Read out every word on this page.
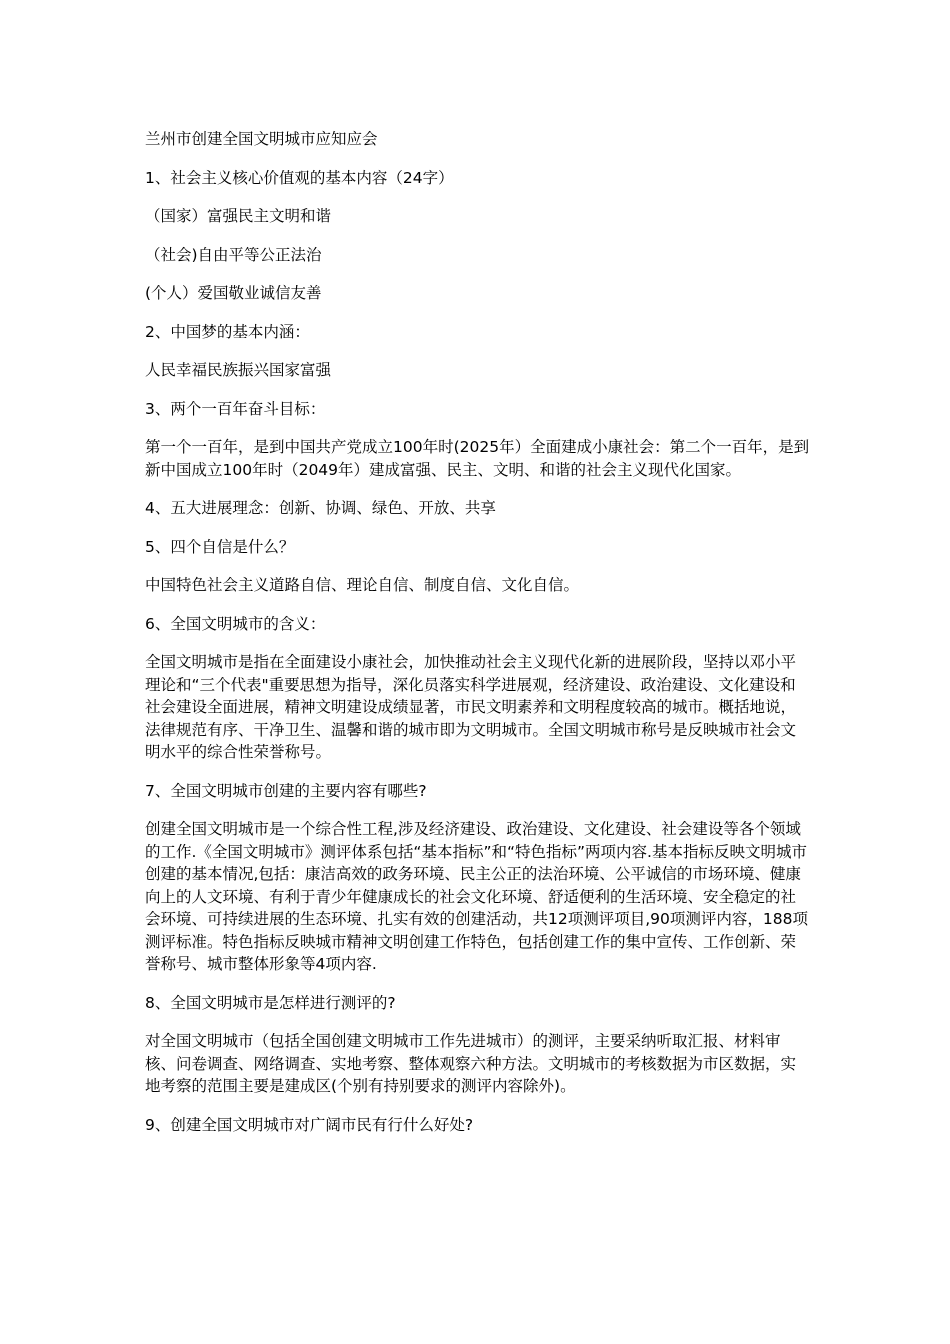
兰州市创建全国文明城市应知应会

1、社会主义核心价值观的基本内容（24字）

（国家）富强民主文明和谐

（社会)自由平等公正法治

(个人）爱国敬业诚信友善

2、中国梦的基本内涵：

人民幸福民族振兴国家富强

3、两个一百年奋斗目标：

第一个一百年，是到中国共产党成立100年时(2025年）全面建成小康社会：第二个一百年，是到新中国成立100年时（2049年）建成富强、民主、文明、和谐的社会主义现代化国家。

4、五大进展理念：创新、协调、绿色、开放、共享

5、四个自信是什么？

中国特色社会主义道路自信、理论自信、制度自信、文化自信。

6、全国文明城市的含义：

全国文明城市是指在全面建设小康社会，加快推动社会主义现代化新的进展阶段，坚持以邓小平理论和“三个代表"重要思想为指导，深化员落实科学进展观，经济建设、政治建设、文化建设和社会建设全面进展，精神文明建设成绩显著，市民文明素养和文明程度较高的城市。概括地说，法律规范有序、干净卫生、温馨和谐的城市即为文明城市。全国文明城市称号是反映城市社会文明水平的综合性荣誉称号。

7、全国文明城市创建的主要内容有哪些?

创建全国文明城市是一个综合性工程,涉及经济建设、政治建设、文化建设、社会建设等各个领域的工作.《全国文明城市》测评体系包括“基本指标”和“特色指标”两项内容.基本指标反映文明城市创建的基本情况,包括：康洁高效的政务环境、民主公正的法治环境、公平诚信的市场环境、健康向上的人文环境、有利于青少年健康成长的社会文化环境、舒适便利的生活环境、安全稳定的社会环境、可持续进展的生态环境、扎实有效的创建活动，共12项测评项目,90项测评内容，188项测评标准。特色指标反映城市精神文明创建工作特色，包括创建工作的集中宣传、工作创新、荣誉称号、城市整体形象等4项内容.

8、全国文明城市是怎样进行测评的?

对全国文明城市（包括全国创建文明城市工作先进城市）的测评，主要采纳听取汇报、材料审核、问卷调查、网络调查、实地考察、整体观察六种方法。文明城市的考核数据为市区数据，实地考察的范围主要是建成区(个别有持别要求的测评内容除外)。

9、创建全国文明城市对广阔市民有行什么好处?
